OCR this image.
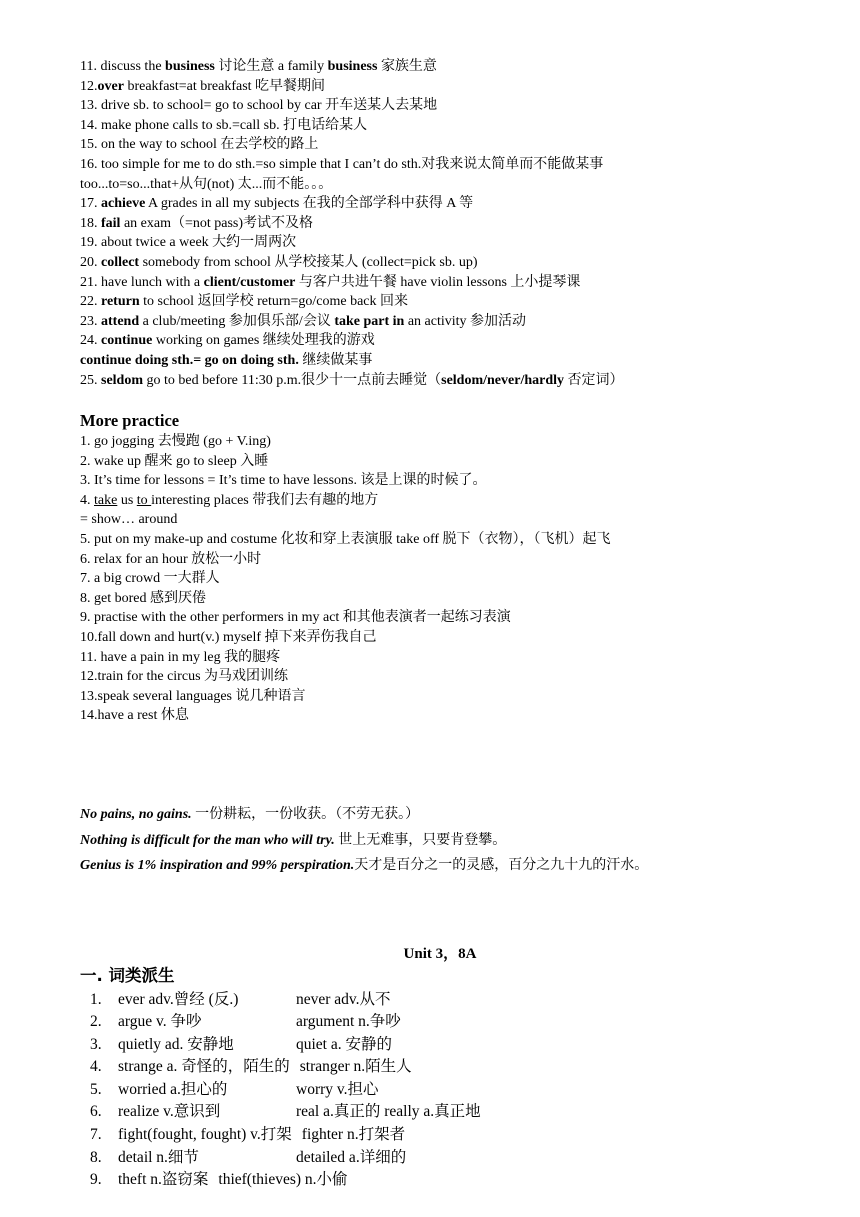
11. discuss the business 讨论生意 a family business 家族生意
12.over breakfast=at breakfast 吃早餐期间
13. drive sb. to school= go to school by car 开车送某人去某地
14. make phone calls to sb.=call sb. 打电话给某人
15. on the way to school 在去学校的路上
16. too simple for me to do sth.=so simple that I can’t do sth.对我来说太简单而不能做某事
too...to=so...that+从句(not) 太...而不能。。。
17. achieve A grades in all my subjects 在我的全部学科中获得 A 等
18. fail an exam（=not pass)考试不及格
19. about twice a week 大约一周两次
20. collect somebody from school 从学校接某人 (collect=pick sb. up)
21. have lunch with a client/customer 与客户共进午餐 have violin lessons 上小提琴课
22. return to school 返回学校 return=go/come back 回来
23. attend a club/meeting 参加俱乐部/会议 take part in an activity 参加活动
24. continue working on games 继续处理我的游戏
continue doing sth.= go on doing sth. 继续做某事
25. seldom go to bed before 11:30 p.m.很少十一点前去睡觉（seldom/never/hardly 否定词）
More practice
1. go jogging 去慢跑 (go + V.ing)
2. wake up 醒来 go to sleep 入睡
3. It’s time for lessons = It’s time to have lessons. 该是上课的时候了。
4. take us to interesting places 带我们去有趣的地方
= show… around
5. put on my make-up and costume 化妆和穿上表演服 take off 脱下（衣物），（飞机）起飞
6. relax for an hour 放松一小时
7. a big crowd 一大群人
8. get bored 感到厌倦
9. practise with the other performers in my act 和其他表演者一起练习表演
10.fall down and hurt(v.) myself 掉下来弄伤我自己
11. have a pain in my leg 我的腿疼
12.train for the circus 为马戏团训练
13.speak several languages 说几种语言
14.have a rest 休息
No pains, no gains. 一份耕耘，一份收获。（不劳无获。）
Nothing is difficult for the man who will try. 世上无难事，只要肯登攀。
Genius is 1% inspiration and 99% perspiration.天才是百分之一的灵感，百分之九十九的汗水。
Unit 3，8A
一. 词类派生
1. ever adv.曾经 (反.)	never adv.从不
2. argue v. 争吵	argument n.争吵
3. quietly ad. 安静地	quiet a. 安静的
4. strange a. 奇怪的，陌生的 stranger n.陌生人
5. worried a.担心的	worry v.担心
6. realize v.意识到	real a.真正的 really a.真正地
7. fight(fought, fought) v.打架 fighter n.打架者
8. detail n.细节	detailed a.详细的
9. theft n.盗窃案 thief(thieves) n.小偷
